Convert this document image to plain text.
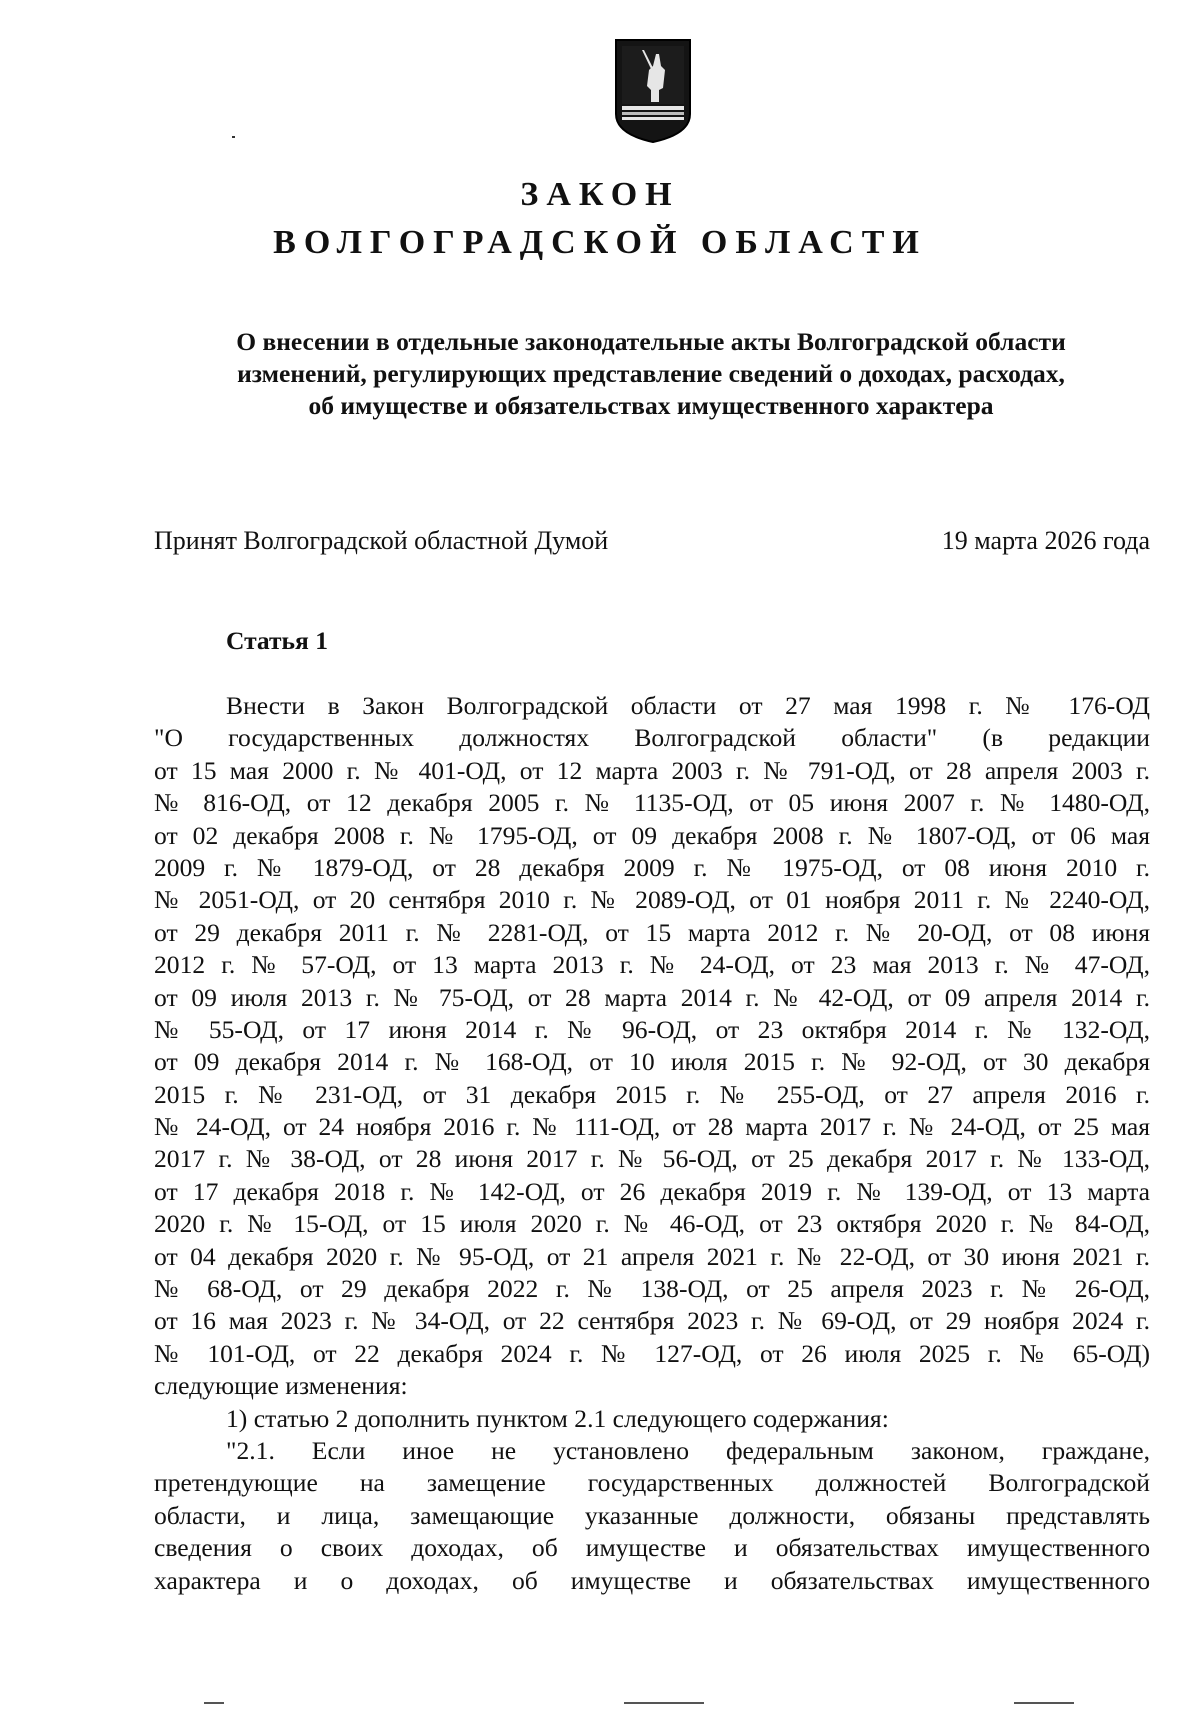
ЗАКОН
ВОЛГОГРАДСКОЙ ОБЛАСТИ
О внесении в отдельные законодательные акты Волгоградской области
изменений, регулирующих представление сведений о доходах, расходах,
об имуществе и обязательствах имущественного характера
Принят Волгоградской областной Думой	19 марта 2026 года
Статья 1
Внести в Закон Волгоградской области от 27 мая 1998 г. № 176-ОД
"О государственных должностях Волгоградской области" (в редакции
от 15 мая 2000 г. № 401-ОД, от 12 марта 2003 г. № 791-ОД, от 28 апреля 2003 г.
№ 816-ОД, от 12 декабря 2005 г. № 1135-ОД, от 05 июня 2007 г. № 1480-ОД,
от 02 декабря 2008 г. № 1795-ОД, от 09 декабря 2008 г. № 1807-ОД, от 06 мая
2009 г. № 1879-ОД, от 28 декабря 2009 г. № 1975-ОД, от 08 июня 2010 г.
№ 2051-ОД, от 20 сентября 2010 г. № 2089-ОД, от 01 ноября 2011 г. № 2240-ОД,
от 29 декабря 2011 г. № 2281-ОД, от 15 марта 2012 г. № 20-ОД, от 08 июня
2012 г. № 57-ОД, от 13 марта 2013 г. № 24-ОД, от 23 мая 2013 г. № 47-ОД,
от 09 июля 2013 г. № 75-ОД, от 28 марта 2014 г. № 42-ОД, от 09 апреля 2014 г.
№ 55-ОД, от 17 июня 2014 г. № 96-ОД, от 23 октября 2014 г. № 132-ОД,
от 09 декабря 2014 г. № 168-ОД, от 10 июля 2015 г. № 92-ОД, от 30 декабря
2015 г. № 231-ОД, от 31 декабря 2015 г. № 255-ОД, от 27 апреля 2016 г.
№ 24-ОД, от 24 ноября 2016 г. № 111-ОД, от 28 марта 2017 г. № 24-ОД, от 25 мая
2017 г. № 38-ОД, от 28 июня 2017 г. № 56-ОД, от 25 декабря 2017 г. № 133-ОД,
от 17 декабря 2018 г. № 142-ОД, от 26 декабря 2019 г. № 139-ОД, от 13 марта
2020 г. № 15-ОД, от 15 июля 2020 г. № 46-ОД, от 23 октября 2020 г. № 84-ОД,
от 04 декабря 2020 г. № 95-ОД, от 21 апреля 2021 г. № 22-ОД, от 30 июня 2021 г.
№ 68-ОД, от 29 декабря 2022 г. № 138-ОД, от 25 апреля 2023 г. № 26-ОД,
от 16 мая 2023 г. № 34-ОД, от 22 сентября 2023 г. № 69-ОД, от 29 ноября 2024 г.
№ 101-ОД, от 22 декабря 2024 г. № 127-ОД, от 26 июля 2025 г. № 65-ОД)
следующие изменения:
1) статью 2 дополнить пунктом 2.1 следующего содержания:
"2.1. Если иное не установлено федеральным законом, граждане,
претендующие на замещение государственных должностей Волгоградской
области, и лица, замещающие указанные должности, обязаны представлять
сведения о своих доходах, об имуществе и обязательствах имущественного
характера и о доходах, об имуществе и обязательствах имущественного
